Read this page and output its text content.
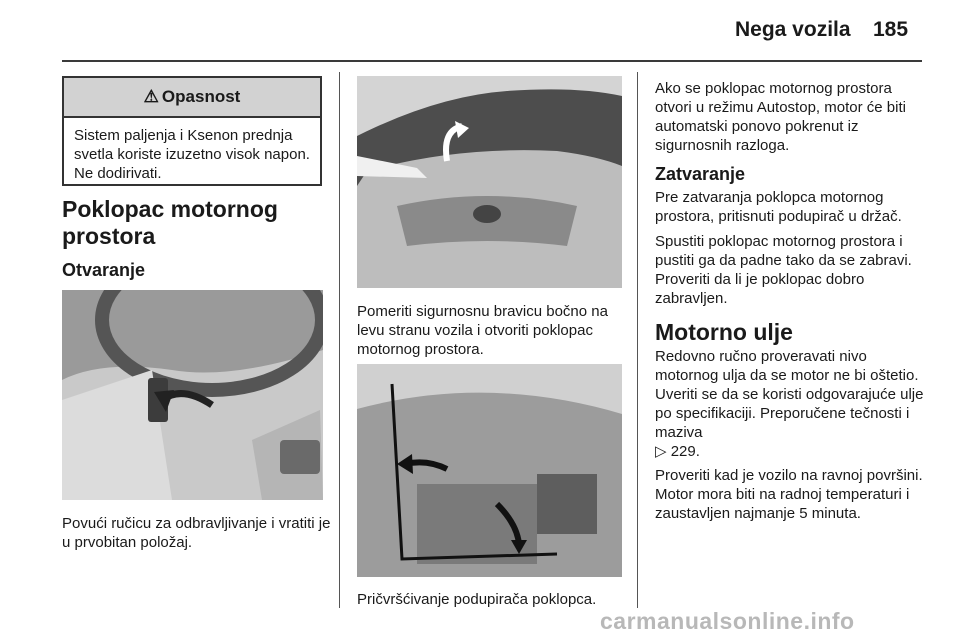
Nega vozila 185
⚠ Opasnost
Sistem paljenja i Ksenon prednja svetla koriste izuzetno visok napon. Ne dodirivati.
Poklopac motornog prostora
Otvaranje
Povući ručicu za odbravljivanje i vratiti je u prvobitan položaj.
Pomeriti sigurnosnu bravicu bočno na levu stranu vozila i otvoriti poklopac motornog prostora.
Pričvršćivanje podupirača poklopca.
Ako se poklopac motornog prostora otvori u režimu Autostop, motor će biti automatski ponovo pokrenut iz sigurnosnih razloga.
Zatvaranje
Pre zatvaranja poklopca motornog prostora, pritisnuti podupirač u držač.
Spustiti poklopac motornog prostora i pustiti ga da padne tako da se zabravi. Proveriti da li je poklopac dobro zabravljen.
Motorno ulje
Redovno ručno proveravati nivo motornog ulja da se motor ne bi oštetio. Uveriti se da se koristi odgovarajuće ulje po specifikaciji. Preporučene tečnosti i maziva
▷ 229.
Proveriti kad je vozilo na ravnoj površini. Motor mora biti na radnoj temperaturi i zaustavljen najmanje 5 minuta.
carmanualsonline.info
